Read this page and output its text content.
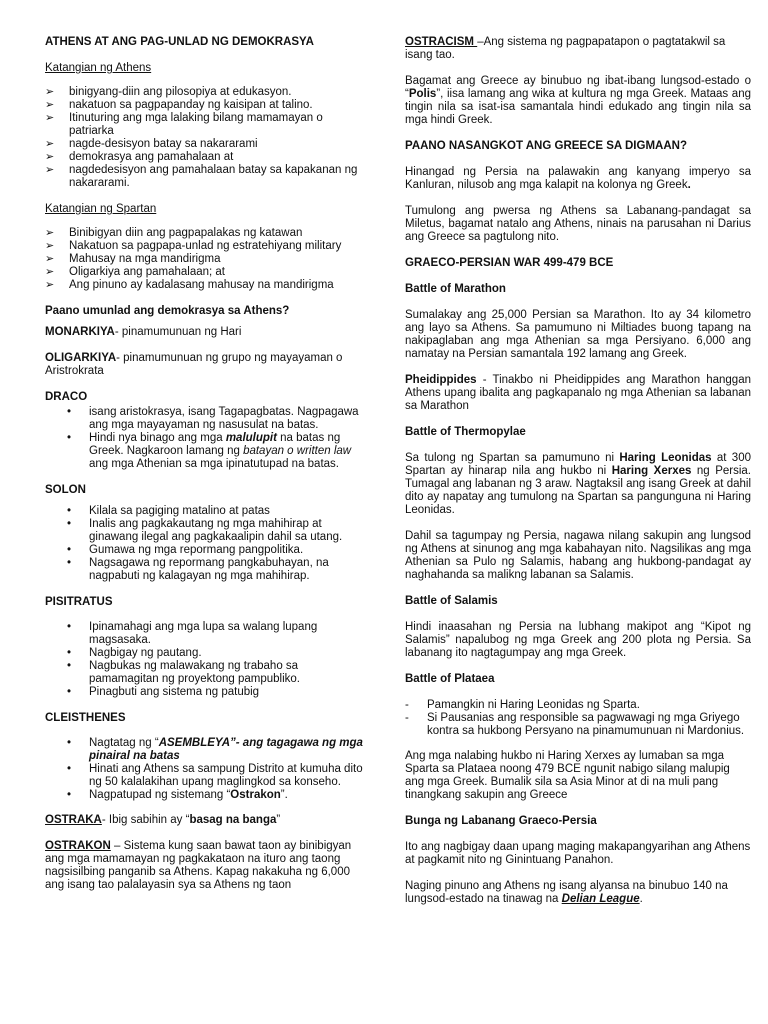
ATHENS AT ANG PAG-UNLAD NG DEMOKRASYA
Katangian ng Athens
➢ binigyang-diin ang pilosopiya at edukasyon.
➢ nakatuon sa pagpapanday ng kaisipan at talino.
➢ Itinuturing ang mga lalaking bilang mamamayan o patriarka
➢ nagde-desisyon batay sa nakararami
➢ demokrasya ang pamahalaan at
➢ nagdedesisyon ang pamahalaan batay sa kapakanan ng nakararami.
Katangian ng Spartan
➢ Binibigyan diin ang pagpapalakas ng katawan
➢ Nakatuon sa pagpapa-unlad ng estratehiyang military
➢ Mahusay na mga mandirigma
➢ Oligarkiya ang pamahalaan; at
➢ Ang pinuno ay kadalasang mahusay na mandirigma
Paano umunlad ang demokrasya sa Athens?

MONARKIYA- pinamumunuan ng Hari

OLIGARKIYA- pinamumunuan ng grupo ng mayayaman o Aristrokrata

DRACO
• isang aristokrasya, isang Tagapagbatas. Nagpagawa ang mga mayayaman ng nasusulat na batas.
• Hindi nya binago ang mga malulupit na batas ng Greek. Nagkaroon lamang ng batayan o written law ang mga Athenian sa mga ipinatutupad na batas.
SOLON
• Kilala sa pagiging matalino at patas
• Inalis ang pagkakautang ng mga mahihirap at ginawang ilegal ang pagkakaalipin dahil sa utang.
• Gumawa ng mga repormang pangpolitika.
• Nagsagawa ng repormang pangkabuhayan, na nagpabuti ng kalagayan ng mga mahihirap.
PISITRATUS
• Ipinamahagi ang mga lupa sa walang lupang magsasaka.
• Nagbigay ng pautang.
• Nagbukas ng malawakang ng trabaho sa pamamagitan ng proyektong pampubliko.
• Pinagbuti ang sistema ng patubig
CLEISTHENES
• Nagtatag ng “ASEMBLEYA”- ang tagagawa ng mga pinairal na batas
• Hinati ang Athens sa sampung Distrito at kumuha dito ng 50 kalalakihan upang maglingkod sa konseho.
• Nagpatupad ng sistemang “Ostrakon”.

OSTRAKA- Ibig sabihin ay “basag na banga”

OSTRAKON – Sistema kung saan bawat taon ay binibigyan ang mga mamamayan ng pagkakataon na ituro ang taong nagsisilbing panganib sa Athens. Kapag nakakuha ng 6,000 ang isang tao palalayasin sya sa Athens ng taon

OSTRACISM –Ang sistema ng pagpapatapon o pagtatakwil sa isang tao.

Bagamat ang Greece ay binubuo ng ibat-ibang lungsod-estado o “Polis”, iisa lamang ang wika at kultura ng mga Greek. Mataas ang tingin nila sa isat-isa samantala hindi edukado ang tingin nila sa mga hindi Greek.

PAANO NASANGKOT ANG GREECE SA DIGMAAN?

Hinangad ng Persia na palawakin ang kanyang imperyo sa Kanluran, nilusob ang mga kalapit na kolonya ng Greek.

Tumulong ang pwersa ng Athens sa Labanang-pandagat sa Miletus, bagamat natalo ang Athens, ninais na parusahan ni Darius ang Greece sa pagtulong nito.

GRAECO-PERSIAN WAR 499-479 BCE
Battle of Marathon

Sumalakay ang 25,000 Persian sa Marathon. Ito ay 34 kilometro ang layo sa Athens. Sa pamumuno ni Miltiades buong tapang na nakipaglaban ang mga Athenian sa mga Persiyano. 6,000 ang namatay na Persian samantala 192 lamang ang Greek.

Pheidippides - Tinakbo ni Pheidippides ang Marathon hanggan Athens upang ibalita ang pagkapanalo ng mga Athenian sa labanan sa Marathon

Battle of Thermopylae

Sa tulong ng Spartan sa pamumuno ni Haring Leonidas at 300 Spartan ay hinarap nila ang hukbo ni Haring Xerxes ng Persia. Tumagal ang labanan ng 3 araw. Nagtaksil ang isang Greek at dahil dito ay napatay ang tumulong na Spartan sa pangunguna ni Haring Leonidas.

Dahil sa tagumpay ng Persia, nagawa nilang sakupin ang lungsod ng Athens at sinunog ang mga kabahayan nito. Nagsilikas ang mga Athenian sa Pulo ng Salamis, habang ang hukbong-pandagat ay naghahanda sa malikng labanan sa Salamis.

Battle of Salamis

Hindi inaasahan ng Persia na lubhang makipot ang “Kipot ng Salamis” napalubog ng mga Greek ang 200 plota ng Persia. Sa labanang ito nagtagumpay ang mga Greek.

Battle of Plataea
- Pamangkin ni Haring Leonidas ng Sparta.
- Si Pausanias ang responsible sa pagwawagi ng mga Griyego kontra sa hukbong Persyano na pinamumunuan ni Mardonius.

Ang mga nalabing hukbo ni Haring Xerxes ay lumaban sa mga Sparta sa Plataea noong 479 BCE ngunit nabigo silang malupig ang mga Greek. Bumalik sila sa Asia Minor at di na muli pang tinangkang sakupin ang Greece

Bunga ng Labanang Graeco-Persia

Ito ang nagbigay daan upang maging makapangyarihan ang Athens at pagkamit nito ng Ginintuang Panahon.

Naging pinuno ang Athens ng isang alyansa na binubuo 140 na lungsod-estado na tinawag na Delian League.
